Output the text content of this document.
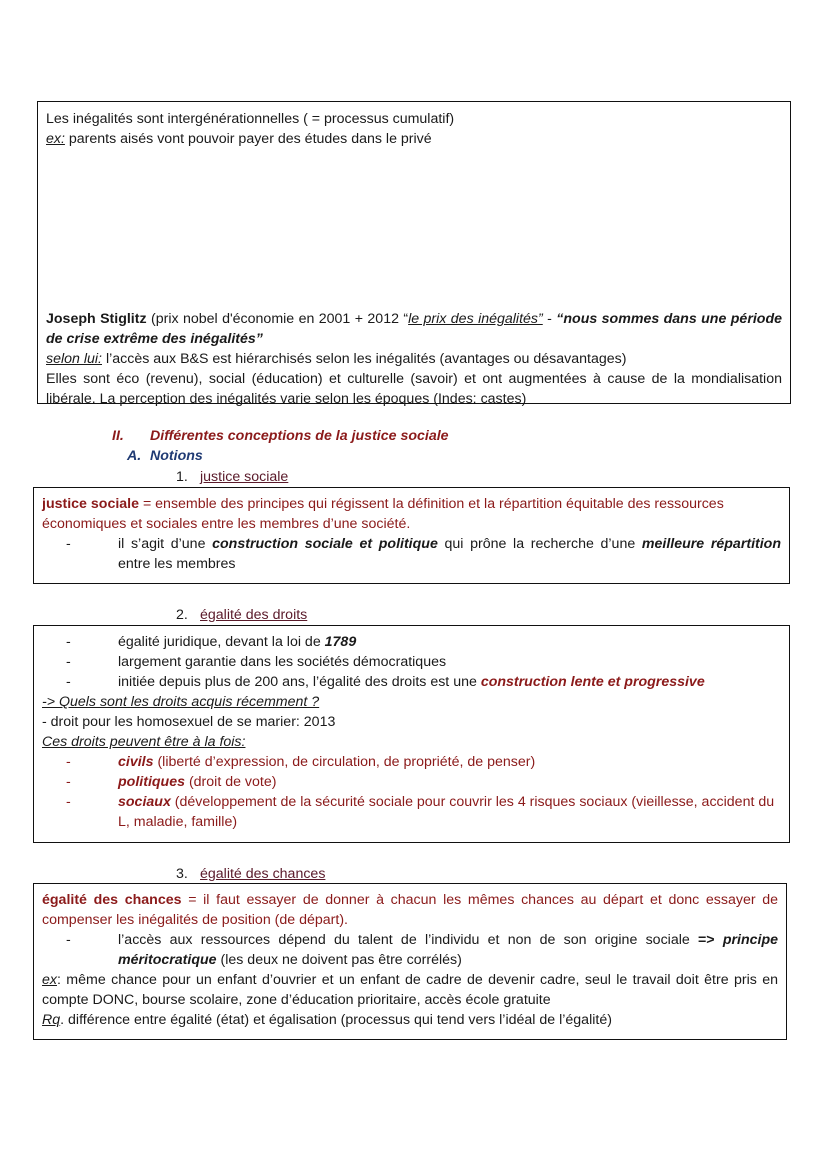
Les inégalités sont intergénérationnelles ( = processus cumulatif)
ex: parents aisés vont pouvoir payer des études dans le privé
Joseph Stiglitz (prix nobel d'économie en 2001 + 2012 “le prix des inégalités” - “nous sommes dans une période de crise extrême des inégalités”
selon lui: l’accès aux B&S est hiérarchisés selon les inégalités (avantages ou désavantages)
Elles sont éco (revenu), social (éducation) et culturelle (savoir) et ont augmentées à cause de la mondialisation libérale. La perception des inégalités varie selon les époques (Indes: castes)
II. Différentes conceptions de la justice sociale
A. Notions
1. justice sociale
justice sociale = ensemble des principes qui régissent la définition et la répartition équitable des ressources économiques et sociales entre les membres d’une société.
-	il s’agit d’une construction sociale et politique qui prône la recherche d’une meilleure répartition entre les membres
2. égalité des droits
-	égalité juridique, devant la loi de 1789
-	largement garantie dans les sociétés démocratiques
-	initiée depuis plus de 200 ans, l’égalité des droits est une construction lente et progressive
-> Quels sont les droits acquis récemment ?
- droit pour les homosexuel de se marier: 2013
Ces droits peuvent être à la fois:
-	civils (liberté d’expression, de circulation, de propriété, de penser)
-	politiques (droit de vote)
-	sociaux (développement de la sécurité sociale pour couvrir les 4 risques sociaux (vieillesse, accident du L, maladie, famille)
3. égalité des chances
égalité des chances = il faut essayer de donner à chacun les mêmes chances au départ et donc essayer de compenser les inégalités de position (de départ).
-	l’accès aux ressources dépend du talent de l’individu et non de son origine sociale => principe méritocratique (les deux ne doivent pas être corrélés)
ex: même chance pour un enfant d’ouvrier et un enfant de cadre de devenir cadre, seul le travail doit être pris en compte DONC, bourse scolaire, zone d’éducation prioritaire, accès école gratuite
Rq. différence entre égalité (état) et égalisation (processus qui tend vers l’idéal de l’égalité)
